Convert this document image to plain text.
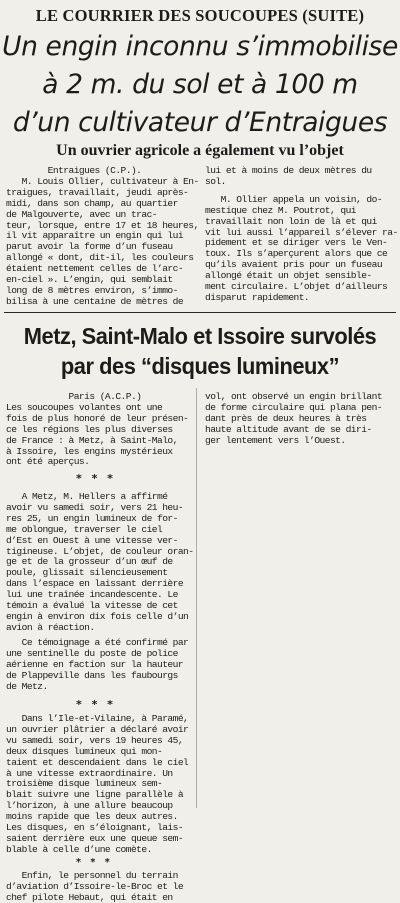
LE COURRIER DES SOUCOUPES (SUITE)
Un engin inconnu s’immobilise
à 2 m. du sol et à 100 m
d’un cultivateur d’Entraigues
Un ouvrier agricole a également vu l’objet

Entraigues (C.P.).

M. Louis Ollier, cultivateur à En-

traigues, travaillait, jeudi après-

midi, dans son champ, au quartier

de Malgouverte, avec un trac-

teur, lorsque, entre 17 et 18 heures,

il vit apparaître un engin qui lui

parut avoir la forme d’un fuseau

allongé « dont, dit-il, les couleurs

étaient nettement celles de l’arc-

en-ciel ». L’engin, qui semblait

long de 8 mètres environ, s’immo-

bilisa à une centaine de mètres de

lui et à moins de deux mètres du

sol.

M. Ollier appela un voisin, do-

mestique chez M. Poutrot, qui

travaillait non loin de là et qui

vit lui aussi l’appareil s’élever ra-

pidement et se diriger vers le Ven-

toux. Ils s’aperçurent alors que ce

qu’ils avaient pris pour un fuseau

allongé était un objet sensible-

ment circulaire. L’objet d’ailleurs

disparut rapidement.

Metz, Saint-Malo et Issoire survolés
par des “disques lumineux”

Paris (A.C.P.)

Les soucoupes volantes ont une

fois de plus honoré de leur présen-

ce les régions les plus diverses

de France : à Metz, à Saint-Malo,

à Issoire, les engins mystérieux

ont été aperçus.

vol, ont observé un engin brillant

de forme circulaire qui plana pen-

dant près de deux heures à très

haute altitude avant de se diri-

ger lentement vers l’Ouest.

* * *

A Metz, M. Hellers a affirmé

avoir vu samedi soir, vers 21 heu-

res 25, un engin lumineux de for-

me oblongue, traverser le ciel

d’Est en Ouest à une vitesse ver-

tigineuse. L’objet, de couleur oran-

ge et de la grosseur d’un œuf de

poule, glissait silencieusement

dans l’espace en laissant derrière

lui une traînée incandescente. Le

témoin a évalué la vitesse de cet

engin à environ dix fois celle d’un

avion à réaction.

Ce témoignage a été confirmé par

une sentinelle du poste de police

aérienne en faction sur la hauteur

de Plappeville dans les faubourgs

de Metz.

* * *

Dans l’Ile-et-Vilaine, à Paramé,

un ouvrier plâtrier a déclaré avoir

vu samedi soir, vers 19 heures 45,

deux disques lumineux qui mon-

taient et descendaient dans le ciel

à une vitesse extraordinaire. Un

troisième disque lumineux sem-

blait suivre une ligne parallèle à

l’horizon, à une allure beaucoup

moins rapide que les deux autres.

Les disques, en s’éloignant, lais-

saient derrière eux une queue sem-

blable à celle d’une comète.

* * *

Enfin, le personnel du terrain

d’aviation d’Issoire-le-Broc et le

chef pilote Hebaut, qui était en
